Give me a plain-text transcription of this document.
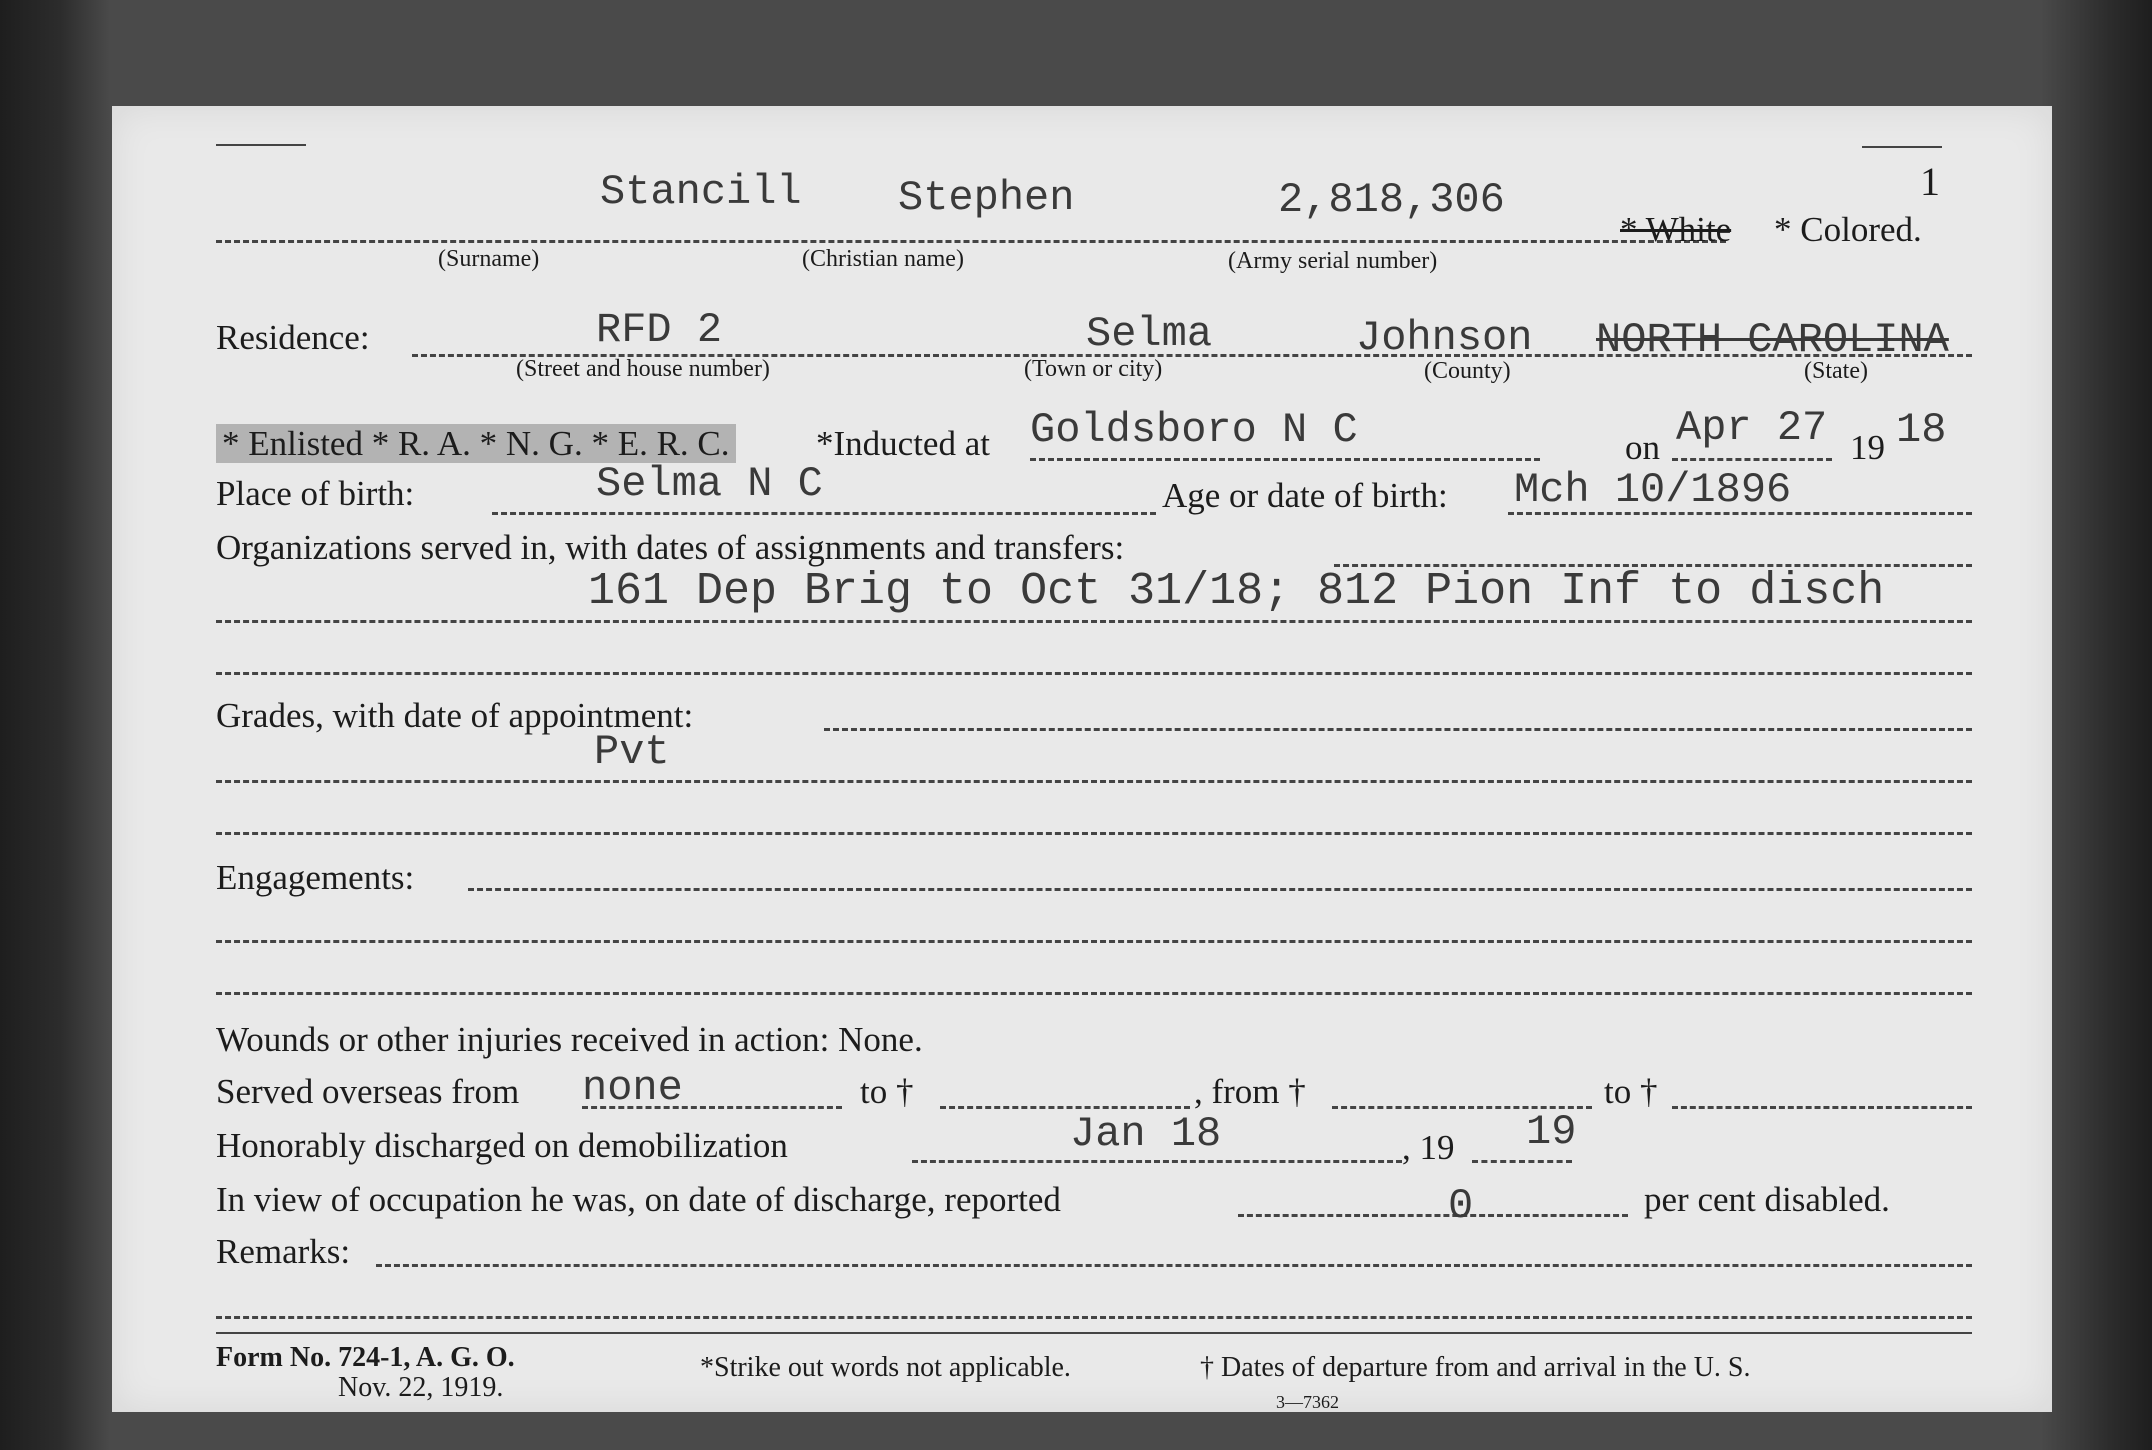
1
Stancill Stephen	2,818,306
* White * Colored.
(Surname)	(Christian name)	(Army serial number)
Residence:	RFD 2	Selma	Johnson NORTH CAROLINA
(Street and house number)	(Town or city)	(County)	(State)
* Enlisted * R. A. * N. G. * E. R. C. *Inducted at Goldsboro N C	on Apr 27 19 18
Place of birth:	Selma N C	Age or date of birth: Mch 10/1896
Organizations served in, with dates of assignments and transfers:
161 Dep Brig to Oct 31/18; 812 Pion Inf to disch
Grades, with date of appointment:
Pvt
Engagements:
Wounds or other injuries received in action: None.
Served overseas from none	to †	, from †	to †
Honorably discharged on demobilization	Jan 18	, 19 19
In view of occupation he was, on date of discharge, reported	0	per cent disabled.
Remarks:
Form No. 724-1, A. G. O.
Nov. 22, 1919.
*Strike out words not applicable.	† Dates of departure from and arrival in the U. S.
3—7362
